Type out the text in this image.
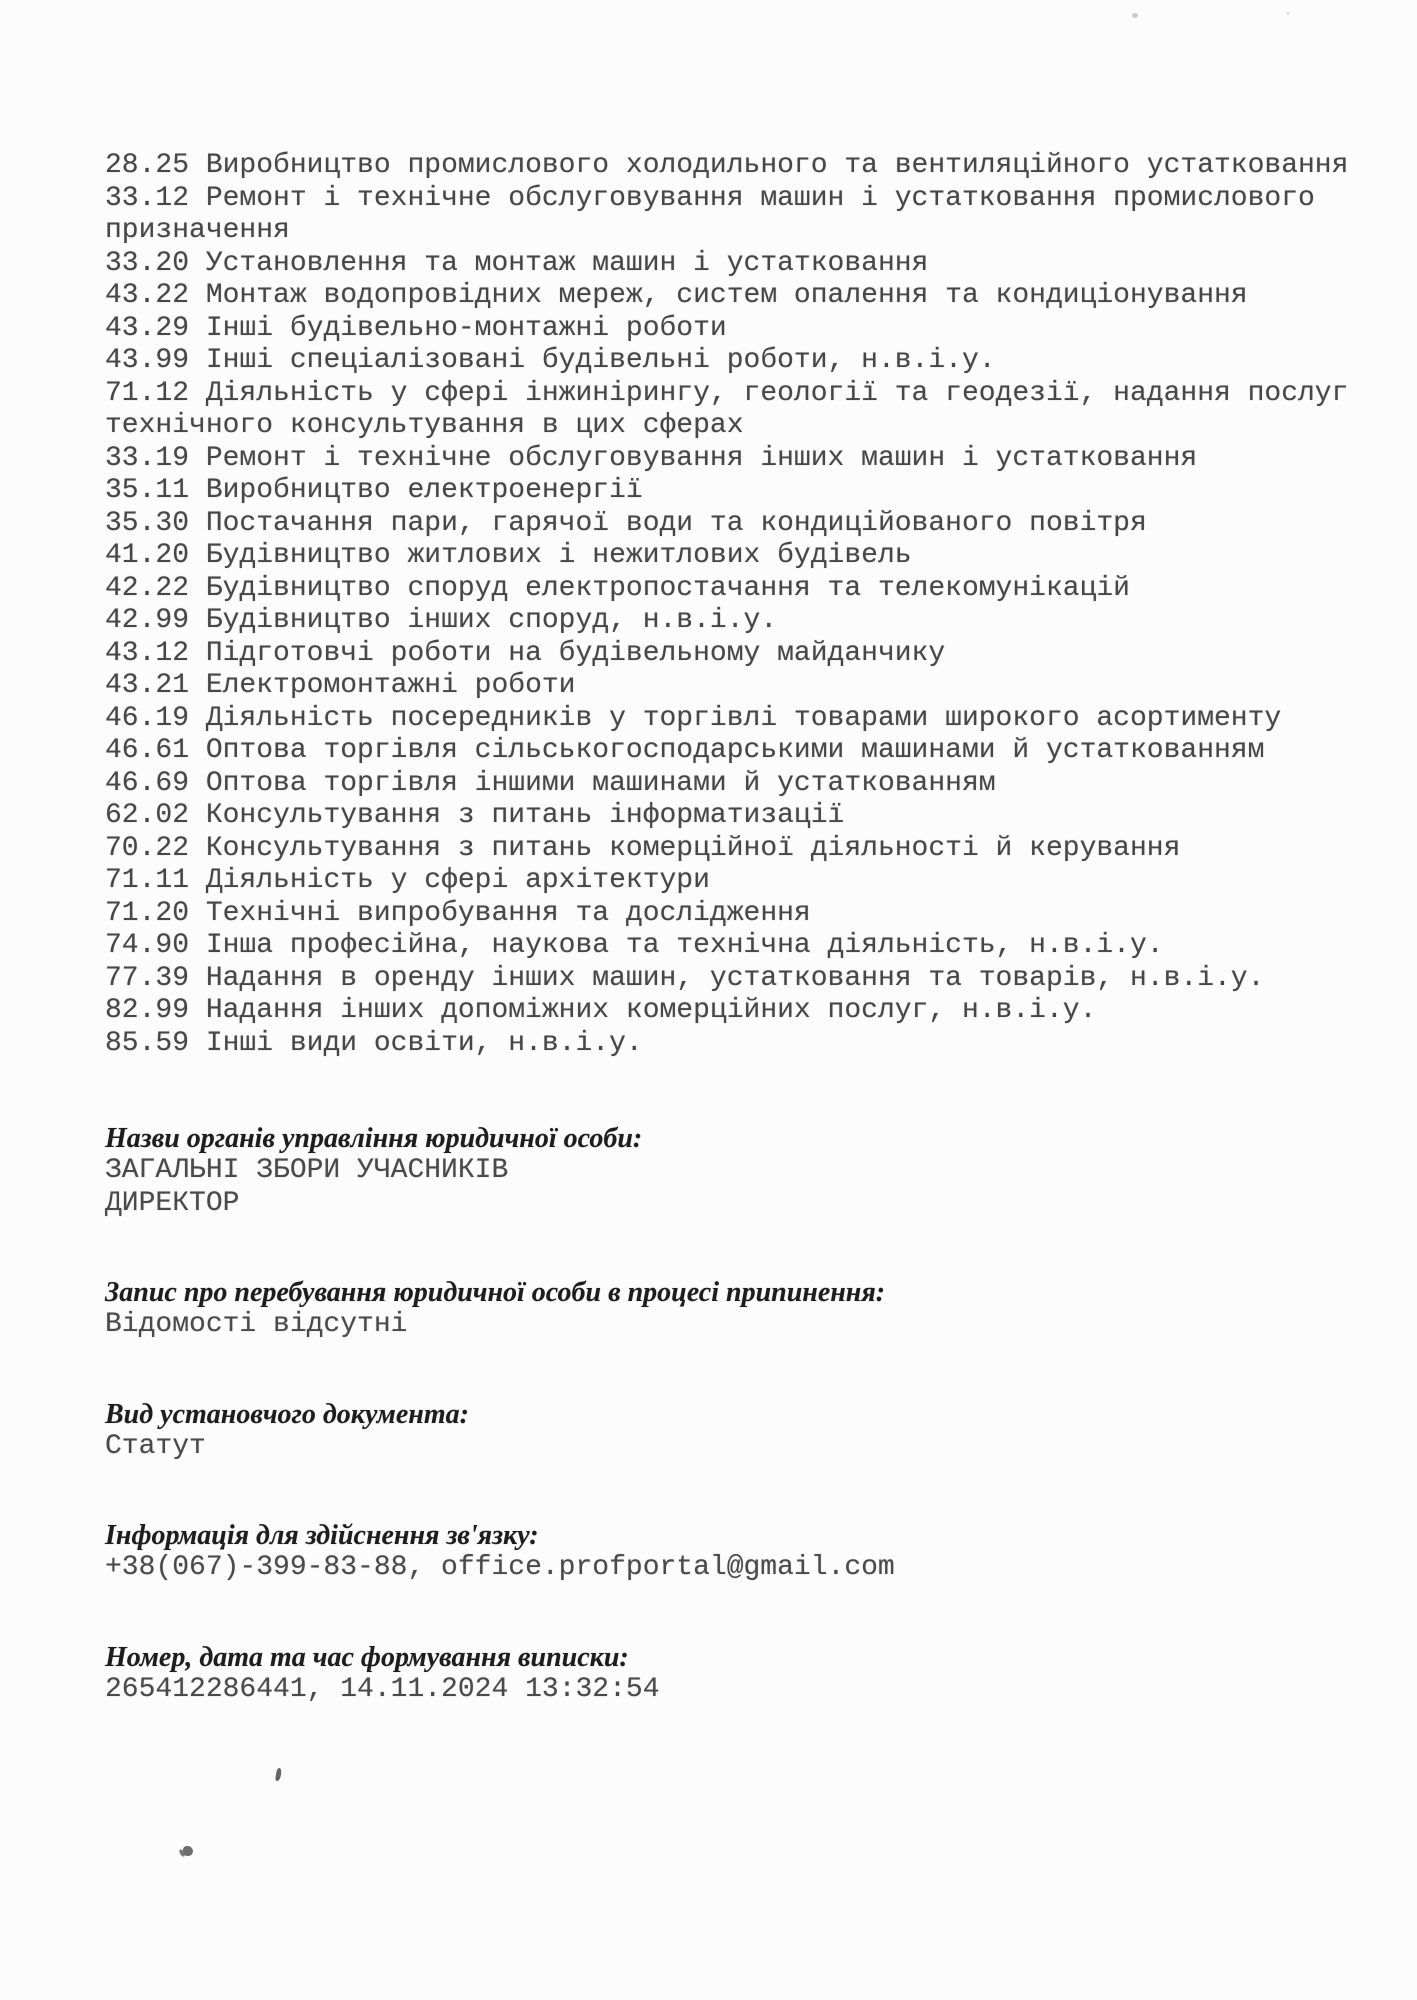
28.25 Виробництво промислового холодильного та вентиляційного устатковання
33.12 Ремонт і технічне обслуговування машин і устатковання промислового призначення
33.20 Установлення та монтаж машин і устатковання
43.22 Монтаж водопровідних мереж, систем опалення та кондиціонування
43.29 Інші будівельно-монтажні роботи
43.99 Інші спеціалізовані будівельні роботи, н.в.і.у.
71.12 Діяльність у сфері інжинірингу, геології та геодезії, надання послуг технічного консультування в цих сферах
33.19 Ремонт і технічне обслуговування інших машин і устатковання
35.11 Виробництво електроенергії
35.30 Постачання пари, гарячої води та кондиційованого повітря
41.20 Будівництво житлових і нежитлових будівель
42.22 Будівництво споруд електропостачання та телекомунікацій
42.99 Будівництво інших споруд, н.в.і.у.
43.12 Підготовчі роботи на будівельному майданчику
43.21 Електромонтажні роботи
46.19 Діяльність посередників у торгівлі товарами широкого асортименту
46.61 Оптова торгівля сільськогосподарськими машинами й устаткованням
46.69 Оптова торгівля іншими машинами й устаткованням
62.02 Консультування з питань інформатизації
70.22 Консультування з питань комерційної діяльності й керування
71.11 Діяльність у сфері архітектури
71.20 Технічні випробування та дослідження
74.90 Інша професійна, наукова та технічна діяльність, н.в.і.у.
77.39 Надання в оренду інших машин, устатковання та товарів, н.в.і.у.
82.99 Надання інших допоміжних комерційних послуг, н.в.і.у.
85.59 Інші види освіти, н.в.і.у.
Назви органів управління юридичної особи:
ЗАГАЛЬНІ ЗБОРИ УЧАСНИКІВ
ДИРЕКТОР
Запис про перебування юридичної особи в процесі припинення:
Відомості відсутні
Вид установчого документа:
Статут
Інформація для здійснення зв'язку:
+38(067)-399-83-88, office.profportal@gmail.com
Номер, дата та час формування виписки:
265412286441, 14.11.2024 13:32:54
